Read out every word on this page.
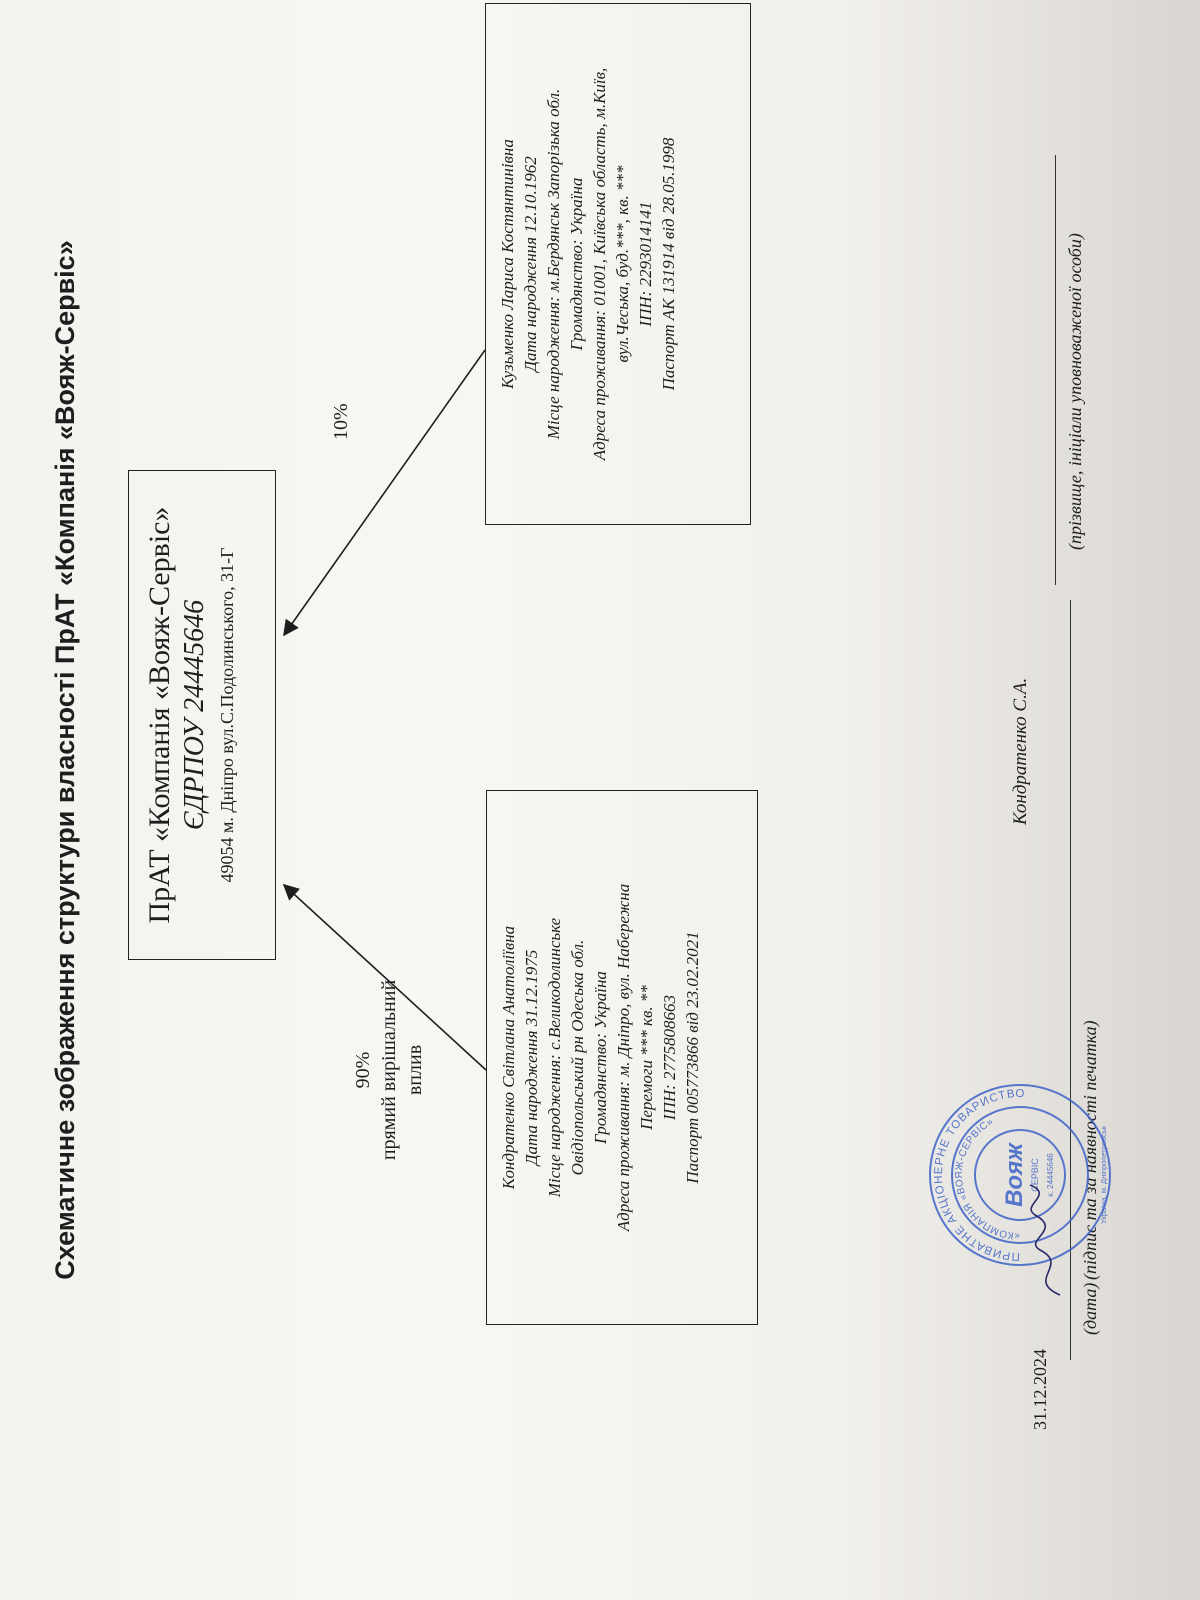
Схематичне зображення структури власності ПрАТ «Компанія «Вояж-Сервіс» ПрАТ «Компанія «Вояж-Сервіс» ЄДРПОУ 24445646 49054 м. Дніпро вул.С.Подолинського, 31-Г
90% прямий вирішальний вплив
10%
Кондратенко Світлана Анатоліївна Дата народження 31.12.1975 Місце народження: с.Великодолинське Овідіопольський рн Одеська обл. Громадянство: Україна Адреса проживання: м. Дніпро, вул. Набережна Перемоги *** кв. ** ІПН: 2775808663 Паспорт 005773866 від 23.02.2021
Кузьменко Лариса Костянтинівна Дата народження 12.10.1962 Місце народження: м.Бердянськ Запорізька обл. Громадянство: Україна Адреса проживання: 01001, Київська область, м.Київ, вул.Чеська, буд.***, кв. *** ІПН: 2293014141 Паспорт АК 131914 від 28.05.1998
31.12.2024
Кондратенко С.А.
(дата)
(підпис та за наявності печатка)
(прізвище, ініціали уповноваженої особи)
ПРИВАТНЕ АКЦІОНЕРНЕ ТОВАРИСТВО
«КОМПАНІЯ «ВОЯЖ-СЕРВІС»
Вояж СЕРВІС к. 24445646	Україна, м. Дніпропетровськ
